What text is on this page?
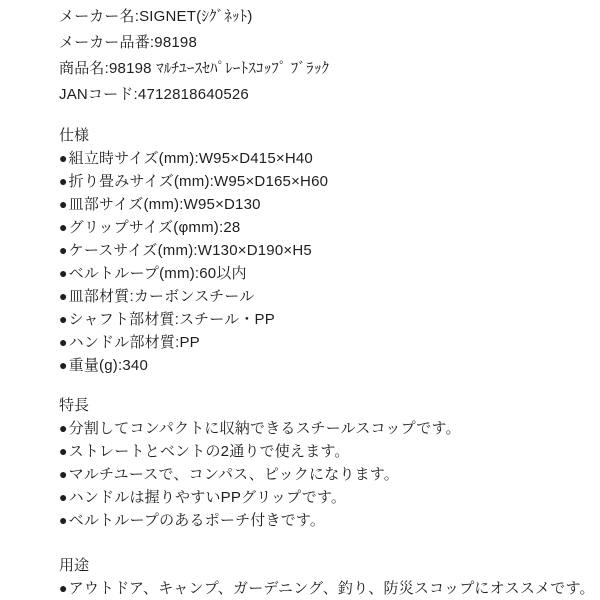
メーカー名:SIGNET(ｼｸﾞﾈｯﾄ)

メーカー品番:98198

商品名:98198 ﾏﾙﾁﾕｰｽｾﾊﾟﾚｰﾄｽｺｯﾌﾟ ﾌﾞﾗｯｸ

JANコード:4712818640526

仕様

●組立時サイズ(mm):W95×D415×H40

●折り畳みサイズ(mm):W95×D165×H60

●皿部サイズ(mm):W95×D130

●グリップサイズ(φmm):28

●ケースサイズ(mm):W130×D190×H5

●ベルトループ(mm):60以内

●皿部材質:カーボンスチール

●シャフト部材質:スチール・PP

●ハンドル部材質:PP

●重量(g):340

特長

●分割してコンパクトに収納できるスチールスコップです。

●ストレートとベントの2通りで使えます。

●マルチユースで、コンパス、ピックになります。

●ハンドルは握りやすいPPグリップです。

●ベルトループのあるポーチ付きです。

用途

●アウトドア、キャンプ、ガーデニング、釣り、防災スコップにオススメです。
